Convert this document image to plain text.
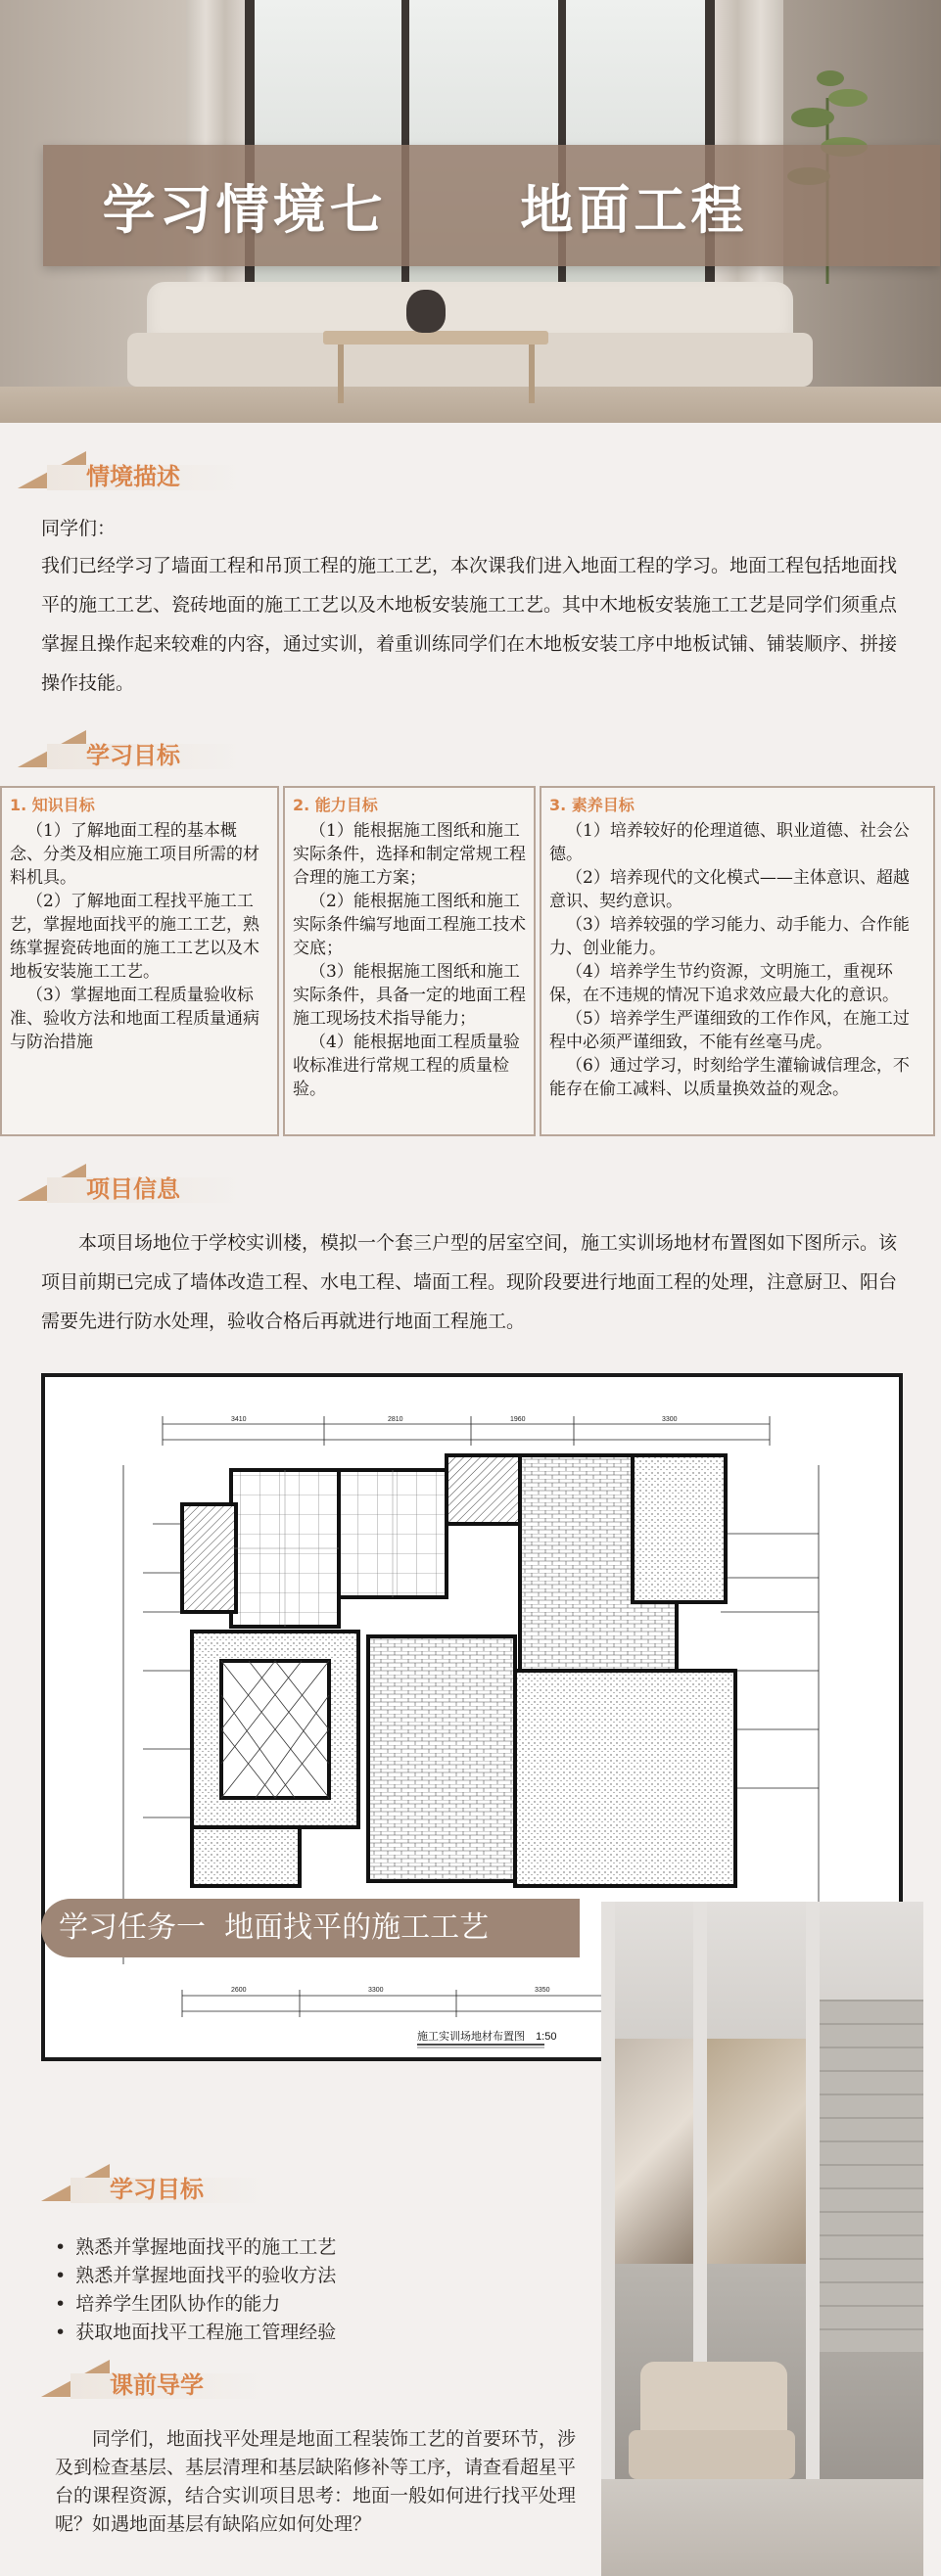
学习情境七      地面工程
情境描述
同学们：
我们已经学习了墙面工程和吊顶工程的施工工艺，本次课我们进入地面工程的学习。地面工程包括地面找平的施工工艺、瓷砖地面的施工工艺以及木地板安装施工工艺。其中木地板安装施工工艺是同学们须重点掌握且操作起来较难的内容，通过实训，着重训练同学们在木地板安装工序中地板试铺、铺装顺序、拼接操作技能。
学习目标
1. 知识目标

（1）了解地面工程的基本概念、分类及相应施工项目所需的材料机具。

（2）了解地面工程找平施工工艺，掌握地面找平的施工工艺，熟练掌握瓷砖地面的施工工艺以及木地板安装施工工艺。

（3）掌握地面工程质量验收标准、验收方法和地面工程质量通病与防治措施

2. 能力目标

（1）能根据施工图纸和施工实际条件，选择和制定常规工程合理的施工方案；

（2）能根据施工图纸和施工实际条件编写地面工程施工技术交底；

（3）能根据施工图纸和施工实际条件，具备一定的地面工程施工现场技术指导能力；

（4）能根据地面工程质量验收标准进行常规工程的质量检验。

3. 素养目标

（1）培养较好的伦理道德、职业道德、社会公德。

（2）培养现代的文化模式——主体意识、超越意识、契约意识。

（3）培养较强的学习能力、动手能力、合作能力、创业能力。

（4）培养学生节约资源，文明施工，重视环保，在不违规的情况下追求效应最大化的意识。

（5）培养学生严谨细致的工作作风，在施工过程中必须严谨细致，不能有丝毫马虎。

（6）通过学习，时刻给学生灌输诚信理念，不能存在偷工减料、以质量换效益的观念。

项目信息
本项目场地位于学校实训楼，模拟一个套三户型的居室空间，施工实训场地材布置图如下图所示。该项目前期已完成了墙体改造工程、水电工程、墙面工程。现阶段要进行地面工程的处理，注意厨卫、阳台需要先进行防水处理，验收合格后再就进行地面工程施工。
3410	2810	1960	3300
2600	3300	3350
施工实训场地材布置图 1:50
学习任务一  地面找平的施工工艺
学习目标
• 熟悉并掌握地面找平的施工工艺
• 熟悉并掌握地面找平的验收方法
• 培养学生团队协作的能力
• 获取地面找平工程施工管理经验
课前导学
同学们，地面找平处理是地面工程装饰工艺的首要环节，涉及到检查基层、基层清理和基层缺陷修补等工序，请查看超星平台的课程资源，结合实训项目思考：地面一般如何进行找平处理呢？如遇地面基层有缺陷应如何处理？
